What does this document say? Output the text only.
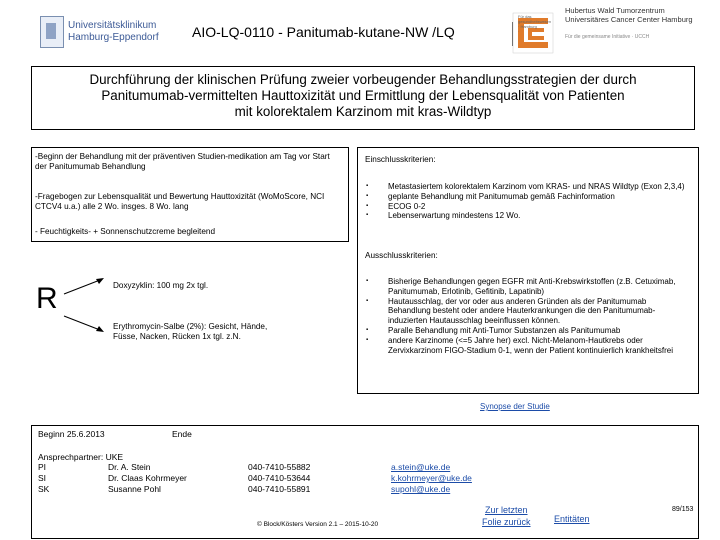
Universitätsklinikum
Hamburg-Eppendorf AIO-LQ-0110 - Panitumab-kutane-NW /LQ
Für das gesundheitswesen · Hamburg ·
Hubertus Wald Tumorzentrum
Universitäres Cancer Center Hamburg
Für die gemeinsame Initiative · UCCH

Durchführung der klinischen Prüfung zweier vorbeugender Behandlungsstrategien der durch

Panitumumab-vermittelten Hauttoxizität und Ermittlung der Lebensqualität von Patienten

mit kolorektalem Karzinom mit kras-Wildtyp

-Beginn der Behandlung mit der präventiven Studien-medikation am Tag vor Start der Panitumumab Behandlung
-Fragebogen zur Lebensqualität und Bewertung Hauttoxizität (WoMoScore, NCI CTCV4 u.a.) alle 2 Wo. insges. 8 Wo. lang
- Feuchtigkeits- + Sonnenschutzcreme begleitend
R	Doxyzyklin: 100 mg 2x tgl.
Erythromycin-Salbe (2%): Gesicht, Hände, Füsse, Nacken, Rücken 1x tgl. z.N.
Einschlusskriterien:
▪ Metastasiertem kolorektalem Karzinom vom KRAS- und NRAS Wildtyp (Exon 2,3,4)
▪ geplante Behandlung mit Panitumumab gemäß Fachinformation
▪ ECOG 0-2
▪ Lebenserwartung mindestens 12 Wo.
Ausschlusskriterien:
▪ Bisherige Behandlungen gegen EGFR mit Anti-Krebswirkstoffen (z.B. Cetuximab, Panitumumab, Erlotinib, Gefitinib, Lapatinib)
▪ Hautausschlag, der vor oder aus anderen Gründen als der Panitumumab Behandlung besteht oder andere Hauterkrankungen die den Panitumumab-induzierten Hautausschlag beeinflussen können.
▪ Paralle Behandlung mit Anti-Tumor Substanzen als Panitumumab
▪ andere Karzinome (<=5 Jahre her) excl. Nicht-Melanom-Hautkrebs oder Zervixkarzinom FIGO-Stadium 0-1, wenn der Patient kontinuierlich krankheitsfrei
Synopse der Studie
Beginn 25.6.2013	Ende
Ansprechpartner: UKE
PI	Dr. A. Stein	040-7410-55882	a.stein@uke.de
SI	Dr. Claas Kohrmeyer	040-7410-53644	k.kohrmeyer@uke.de
SK	Susanne Pohl	040-7410-55891	supohl@uke.de
Zur letzten
Folie zurück	Entitäten
89/153
© Block/Kösters Version 2.1 – 2015-10-20
